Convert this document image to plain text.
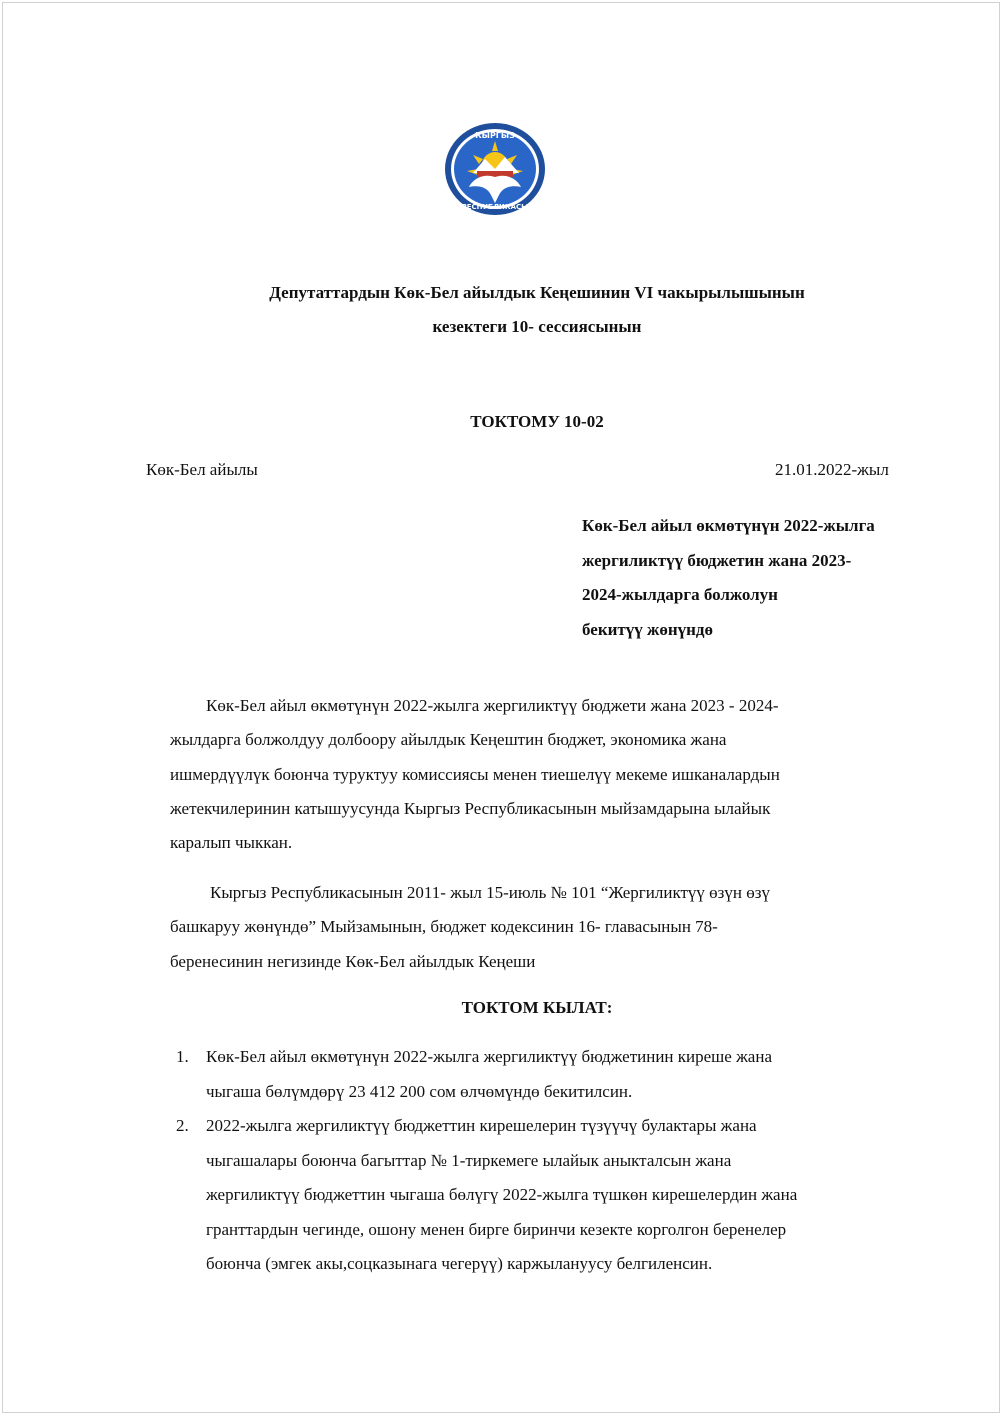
КЫРГЫЗ
РЕСПУБЛИКАСЫ
Депутаттардын Көк-Бел айылдык Кеңешинин VI чакырылышынын
кезектеги 10- сессиясынын
ТОКТОМУ 10-02
Көк-Бел айылы	21.01.2022-жыл
Көк-Бел айыл өкмөтүнүн 2022-жылга
жергиликтүү бюджетин жана 2023-
2024-жылдарга болжолун
бекитүү жөнүндө
Көк-Бел айыл өкмөтүнүн 2022-жылга жергиликтүү бюджети жана 2023 - 2024-
жылдарга болжолдуу долбоору айылдык Кеңештин бюджет, экономика жана
ишмердүүлүк боюнча туруктуу комиссиясы менен тиешелүү мекеме ишканалардын
жетекчилеринин катышуусунда Кыргыз Республикасынын мыйзамдарына ылайык
каралып чыккан.
Кыргыз Республикасынын 2011- жыл 15-июль № 101 “Жергиликтүү өзүн өзү
башкаруу жөнүндө” Мыйзамынын, бюджет кодексинин 16- главасынын 78-
беренесинин негизинде Көк-Бел айылдык Кеңеши
ТОКТОМ КЫЛАТ:
1. Көк-Бел айыл өкмөтүнүн 2022-жылга жергиликтүү бюджетинин киреше жана
чыгаша бөлүмдөрү 23 412 200 сом өлчөмүндө бекитилсин.
2. 2022-жылга жергиликтүү бюджеттин кирешелерин түзүүчү булактары жана
чыгашалары боюнча багыттар № 1-тиркемеге ылайык аныкталсын жана
жергиликтүү бюджеттин чыгаша бөлүгү 2022-жылга түшкөн кирешелердин жана
гранттардын чегинде, ошону менен бирге биринчи кезекте корголгон беренелер
боюнча (эмгек акы,соцказынага чегерүү) каржылануусу белгиленсин.
